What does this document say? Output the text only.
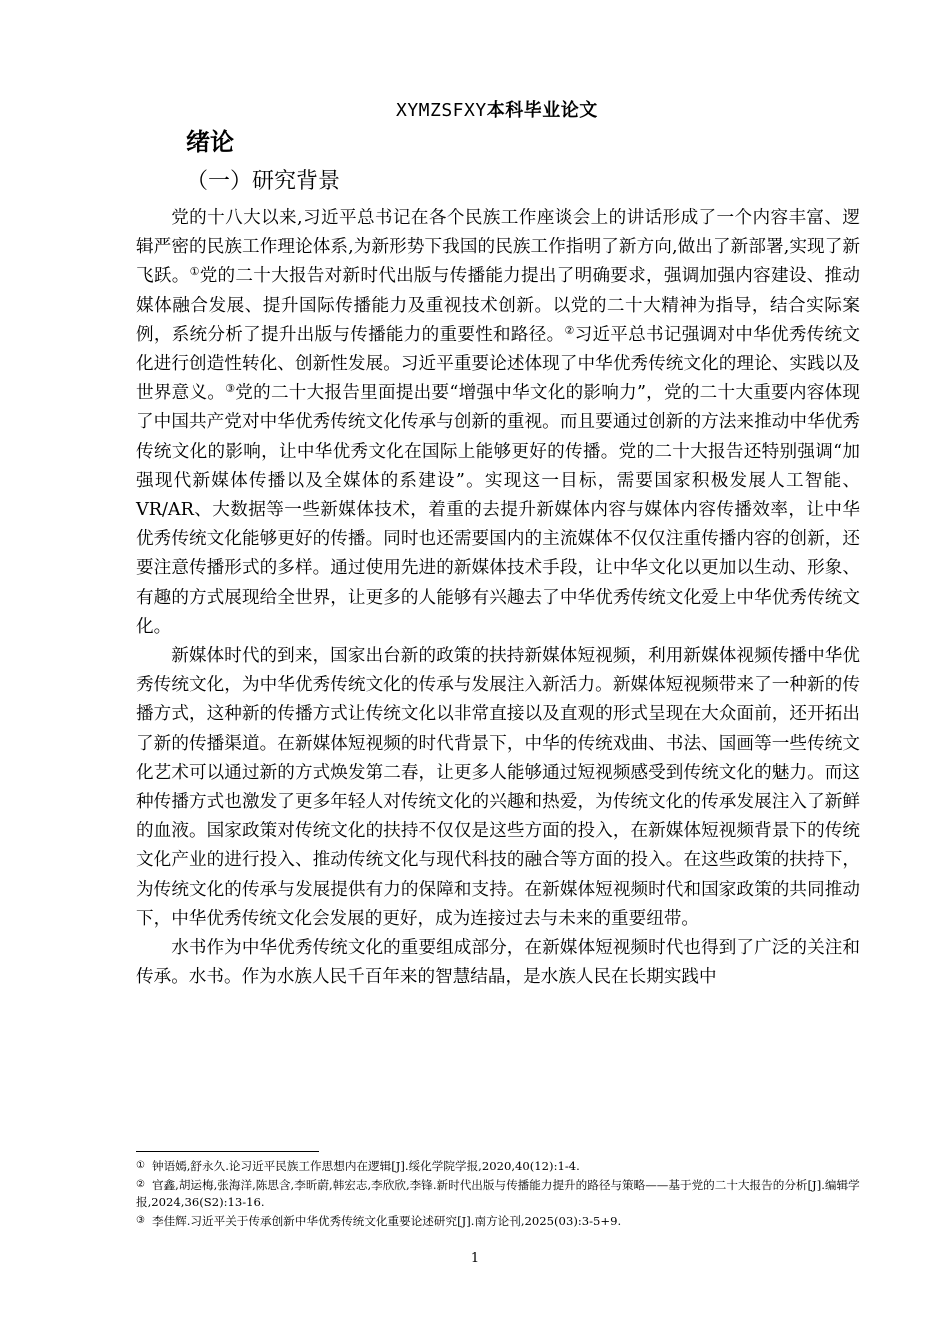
XYMZSFXY本科毕业论文
绪论
（一）研究背景

党的十八大以来,习近平总书记在各个民族工作座谈会上的讲话形成了一个内容丰富、逻辑严密的民族工作理论体系,为新形势下我国的民族工作指明了新方向,做出了新部署,实现了新飞跃。①党的二十大报告对新时代出版与传播能力提出了明确要求，强调加强内容建设、推动媒体融合发展、提升国际传播能力及重视技术创新。以党的二十大精神为指导，结合实际案例，系统分析了提升出版与传播能力的重要性和路径。②习近平总书记强调对中华优秀传统文化进行创造性转化、创新性发展。习近平重要论述体现了中华优秀传统文化的理论、实践以及世界意义。③党的二十大报告里面提出要“增强中华文化的影响力”，党的二十大重要内容体现了中国共产党对中华优秀传统文化传承与创新的重视。而且要通过创新的方法来推动中华优秀传统文化的影响，让中华优秀文化在国际上能够更好的传播。党的二十大报告还特别强调“加强现代新媒体传播以及全媒体的系建设”。实现这一目标，需要国家积极发展人工智能、VR/AR、大数据等一些新媒体技术，着重的去提升新媒体内容与媒体内容传播效率，让中华优秀传统文化能够更好的传播。同时也还需要国内的主流媒体不仅仅注重传播内容的创新，还要注意传播形式的多样。通过使用先进的新媒体技术手段，让中华文化以更加以生动、形象、有趣的方式展现给全世界，让更多的人能够有兴趣去了中华优秀传统文化爱上中华优秀传统文化。

新媒体时代的到来，国家出台新的政策的扶持新媒体短视频，利用新媒体视频传播中华优秀传统文化，为中华优秀传统文化的传承与发展注入新活力。新媒体短视频带来了一种新的传播方式，这种新的传播方式让传统文化以非常直接以及直观的形式呈现在大众面前，还开拓出了新的传播渠道。在新媒体短视频的时代背景下，中华的传统戏曲、书法、国画等一些传统文化艺术可以通过新的方式焕发第二春，让更多人能够通过短视频感受到传统文化的魅力。而这种传播方式也激发了更多年轻人对传统文化的兴趣和热爱，为传统文化的传承发展注入了新鲜的血液。国家政策对传统文化的扶持不仅仅是这些方面的投入，在新媒体短视频背景下的传统文化产业的进行投入、推动传统文化与现代科技的融合等方面的投入。在这些政策的扶持下，为传统文化的传承与发展提供有力的保障和支持。在新媒体短视频时代和国家政策的共同推动下，中华优秀传统文化会发展的更好，成为连接过去与未来的重要纽带。

水书作为中华优秀传统文化的重要组成部分，在新媒体短视频时代也得到了广泛的关注和传承。水书。作为水族人民千百年来的智慧结晶，是水族人民在长期实践中

① 钟语嫣,舒永久.论习近平民族工作思想内在逻辑[J].绥化学院学报,2020,40(12):1-4.

② 官鑫,胡运梅,张海洋,陈思含,李昕蔚,韩宏志,李欣欣,李锋.新时代出版与传播能力提升的路径与策略——基于党的二十大报告的分析[J].编辑学报,2024,36(S2):13-16.

③ 李佳辉.习近平关于传承创新中华优秀传统文化重要论述研究[J].南方论刊,2025(03):3-5+9.

1
